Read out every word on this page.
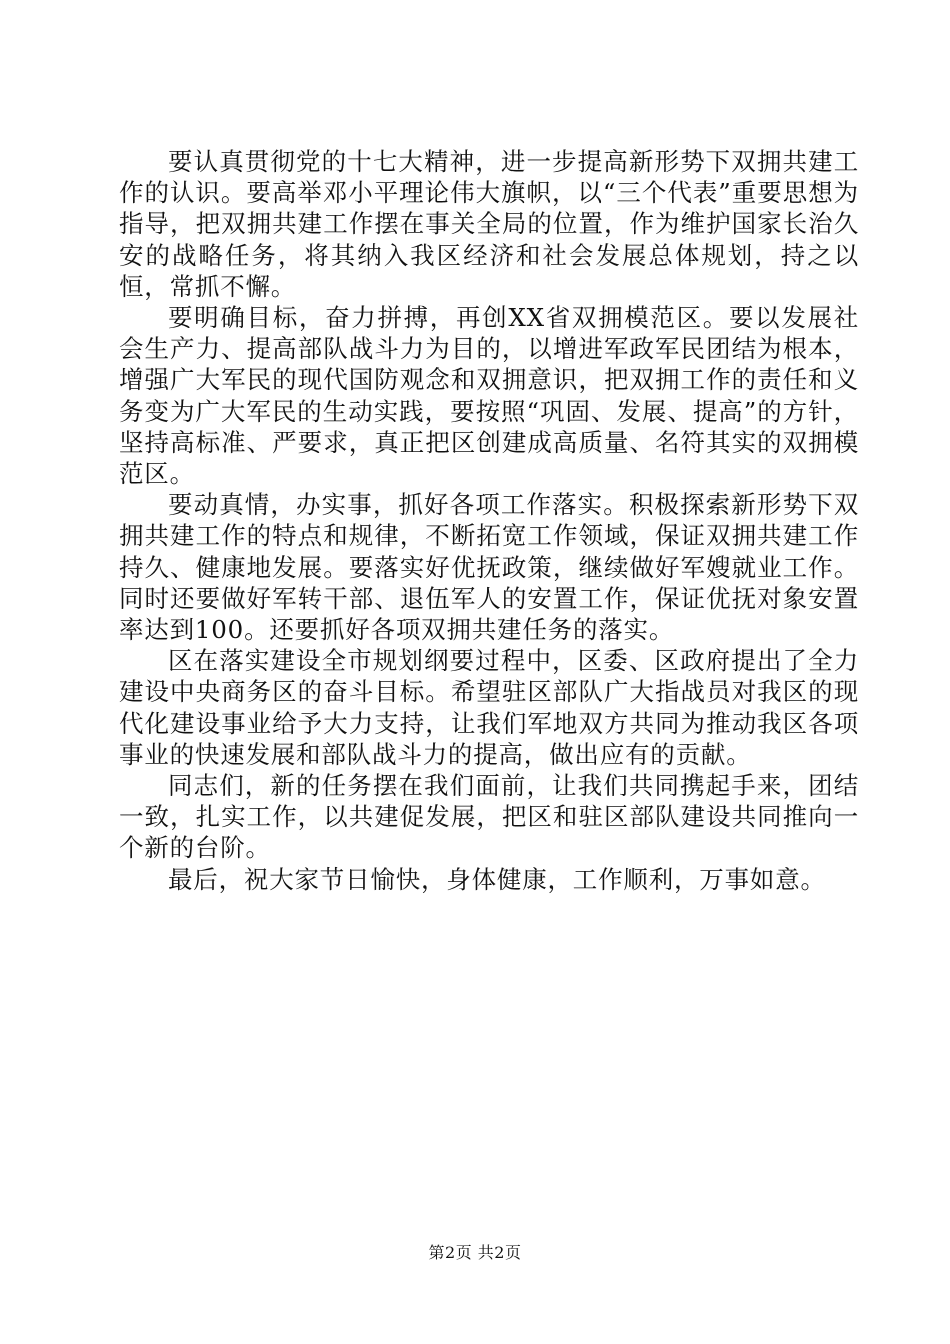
要认真贯彻党的十七大精神，进一步提高新形势下双拥共建工作的认识。要高举邓小平理论伟大旗帜，以“三个代表”重要思想为指导，把双拥共建工作摆在事关全局的位置，作为维护国家长治久安的战略任务，将其纳入我区经济和社会发展总体规划，持之以恒，常抓不懈。

要明确目标，奋力拼搏，再创XX省双拥模范区。要以发展社会生产力、提高部队战斗力为目的，以增进军政军民团结为根本，增强广大军民的现代国防观念和双拥意识，把双拥工作的责任和义务变为广大军民的生动实践，要按照“巩固、发展、提高”的方针，坚持高标准、严要求，真正把区创建成高质量、名符其实的双拥模范区。

要动真情，办实事，抓好各项工作落实。积极探索新形势下双拥共建工作的特点和规律，不断拓宽工作领域，保证双拥共建工作持久、健康地发展。要落实好优抚政策，继续做好军嫂就业工作。同时还要做好军转干部、退伍军人的安置工作，保证优抚对象安置率达到100。还要抓好各项双拥共建任务的落实。

区在落实建设全市规划纲要过程中，区委、区政府提出了全力建设中央商务区的奋斗目标。希望驻区部队广大指战员对我区的现代化建设事业给予大力支持，让我们军地双方共同为推动我区各项事业的快速发展和部队战斗力的提高，做出应有的贡献。

同志们，新的任务摆在我们面前，让我们共同携起手来，团结一致，扎实工作，以共建促发展，把区和驻区部队建设共同推向一个新的台阶。

最后，祝大家节日愉快，身体健康，工作顺利，万事如意。

第2页 共2页
